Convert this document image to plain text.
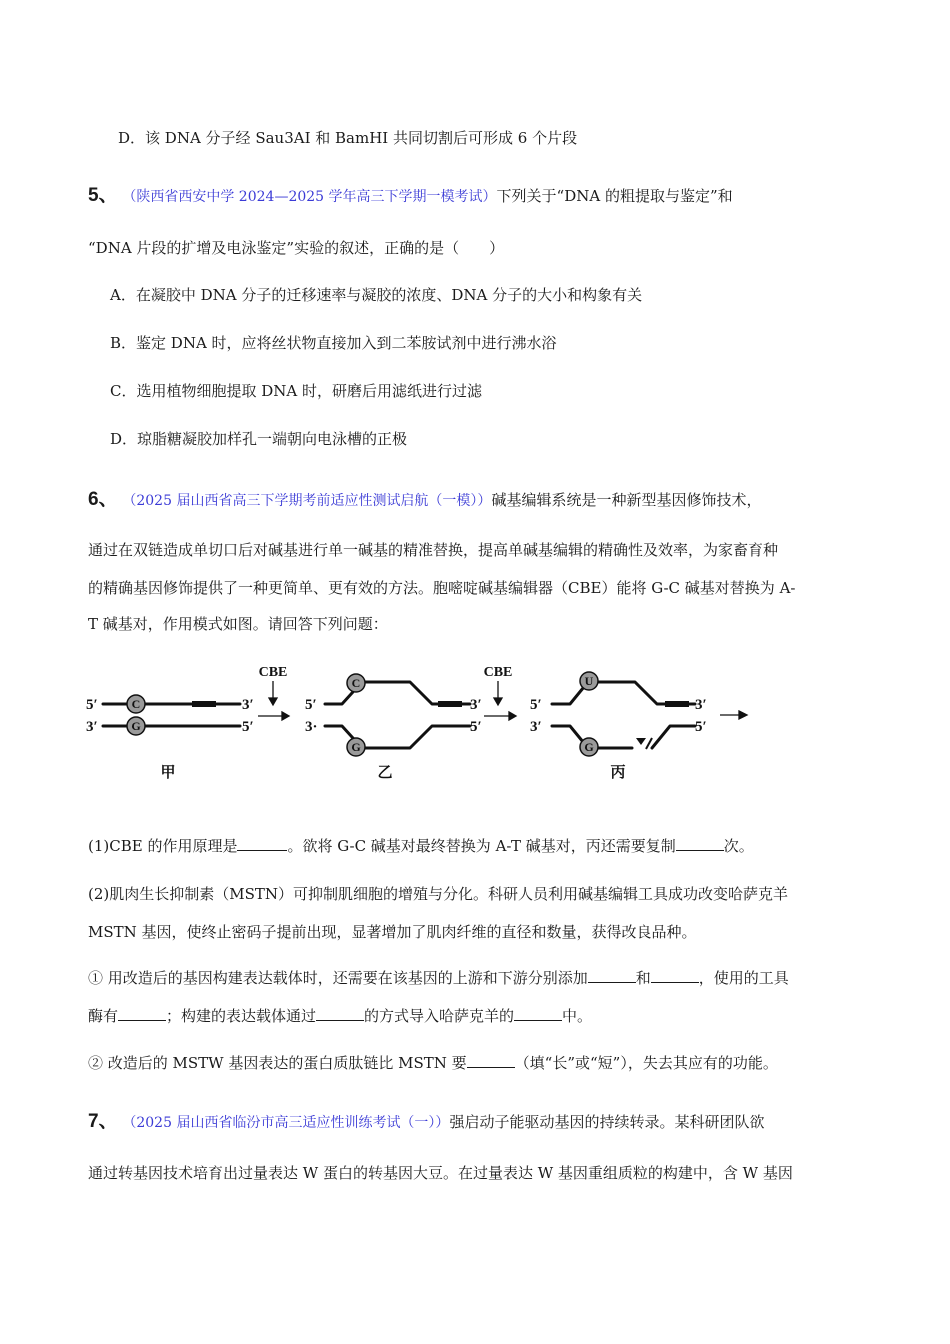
D．该 DNA 分子经 Sau3AI 和 BamHI 共同切割后可形成 6 个片段
5、 （陕西省西安中学 2024—2025 学年高三下学期一模考试）下列关于“DNA 的粗提取与鉴定”和
“DNA 片段的扩增及电泳鉴定”实验的叙述，正确的是（　　）
A．在凝胶中 DNA 分子的迁移速率与凝胶的浓度、DNA 分子的大小和构象有关
B．鉴定 DNA 时，应将丝状物直接加入到二苯胺试剂中进行沸水浴
C．选用植物细胞提取 DNA 时，研磨后用滤纸进行过滤
D．琼脂糖凝胶加样孔一端朝向电泳槽的正极
6、 （2025 届山西省高三下学期考前适应性测试启航（一模））碱基编辑系统是一种新型基因修饰技术，
通过在双链造成单切口后对碱基进行单一碱基的精准替换，提高单碱基编辑的精确性及效率，为家畜育种
的精确基因修饰提供了一种更简单、更有效的方法。胞嘧啶碱基编辑器（CBE）能将 G-C 碱基对替换为 A-
T 碱基对，作用模式如图。请回答下列问题：
C
G
C
G
U
G
5′
3′
3′
5′
5′
3·
3′
5′
5′
3′
3′
5′
CBE	CBE
甲	乙	丙
(1)CBE 的作用原理是	。欲将 G-C 碱基对最终替换为 A-T 碱基对，丙还需要复制	次。
(2)肌肉生长抑制素（MSTN）可抑制肌细胞的增殖与分化。科研人员利用碱基编辑工具成功改变哈萨克羊
MSTN 基因，使终止密码子提前出现，显著增加了肌肉纤维的直径和数量，获得改良品种。
① 用改造后的基因构建表达载体时，还需要在该基因的上游和下游分别添加	和	，使用的工具
酶有	；构建的表达载体通过	的方式导入哈萨克羊的	中。
② 改造后的 MSTW 基因表达的蛋白质肽链比 MSTN 要	（填“长”或“短”），失去其应有的功能。
7、 （2025 届山西省临汾市高三适应性训练考试（一））强启动子能驱动基因的持续转录。某科研团队欲
通过转基因技术培育出过量表达 W 蛋白的转基因大豆。在过量表达 W 基因重组质粒的构建中，含 W 基因
